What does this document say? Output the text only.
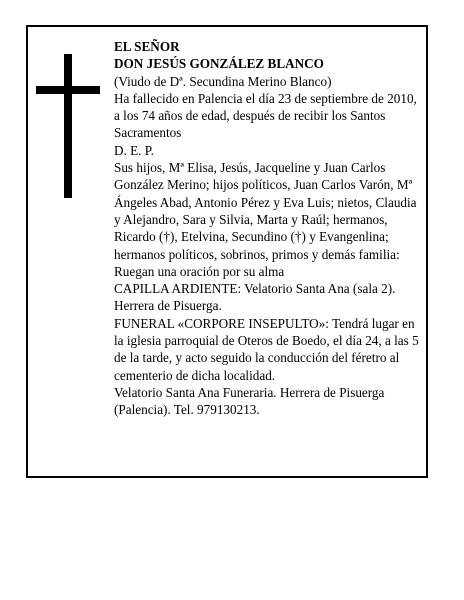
EL SEÑOR

DON JESÚS GONZÁLEZ BLANCO

(Viudo de Dª. Secundina Merino Blanco)

Ha fallecido en Palencia el día 23 de septiembre de 2010, a los 74 años de edad, después de recibir los Santos Sacramentos

D. E. P.

Sus hijos, Mª Elisa, Jesús, Jacqueline y Juan Carlos González Merino; hijos políticos, Juan Carlos Varón, Mª Ángeles Abad, Antonio Pérez y Eva Luis; nietos, Claudia y Alejandro, Sara y Silvia, Marta y Raúl; hermanos, Ricardo (†), Etelvina, Secundino (†) y Evangenlina; hermanos políticos, sobrinos, primos y demás familia:

Ruegan una oración por su alma

CAPILLA ARDIENTE: Velatorio Santa Ana (sala 2). Herrera de Pisuerga.

FUNERAL «CORPORE INSEPULTO»: Tendrá lugar en la iglesia parroquial de Oteros de Boedo, el día 24, a las 5 de la tarde, y acto seguido la conducción del féretro al cementerio de dicha localidad.

Velatorio Santa Ana Funeraria. Herrera de Pisuerga (Palencia). Tel. 979130213.
